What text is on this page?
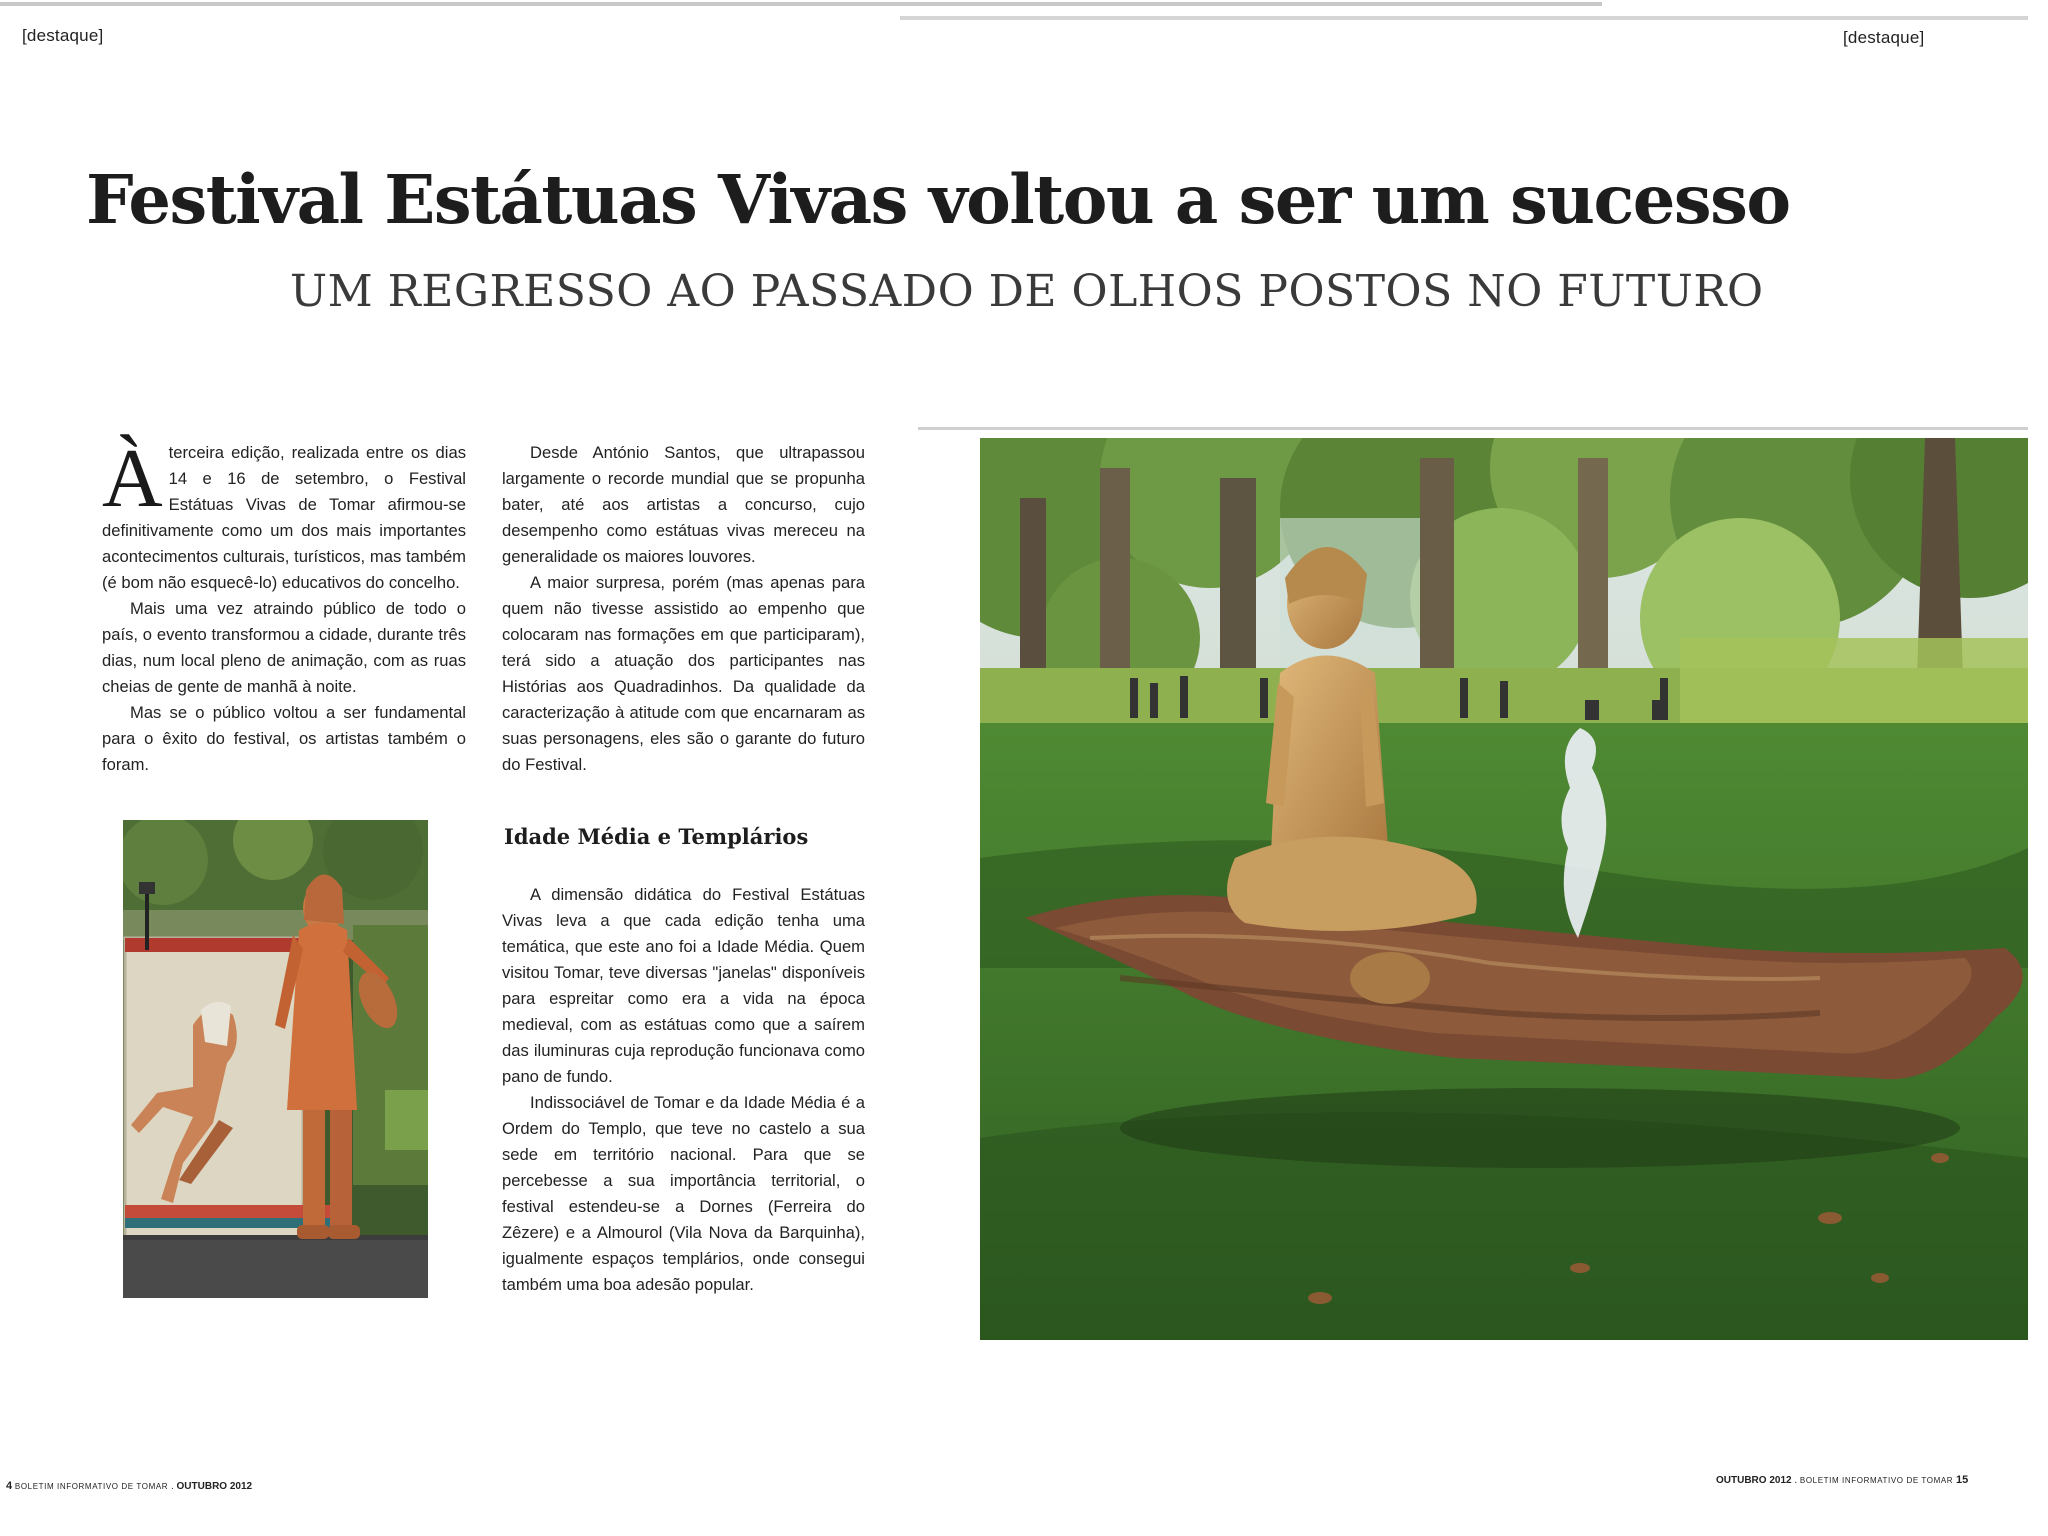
[destaque]	[destaque]
Festival Estátuas Vivas voltou a ser um sucesso
UM REGRESSO AO PASSADO DE OLHOS POSTOS NO FUTURO

Àterceira edição, realizada entre os dias 14 e 16 de setembro, o Festival Estátuas Vivas de Tomar afirmou-se definitivamente como um dos mais importantes acontecimentos culturais, turísticos, mas também (é bom não esquecê-lo) educativos do concelho.

Mais uma vez atraindo público de todo o país, o evento transformou a cidade, durante três dias, num local pleno de animação, com as ruas cheias de gente de manhã à noite.

Mas se o público voltou a ser fundamental para o êxito do festival, os artistas também o foram.

Desde António Santos, que ultrapassou largamente o recorde mundial que se propunha bater, até aos artistas a concurso, cujo desempenho como estátuas vivas mereceu na generalidade os maiores louvores.

A maior surpresa, porém (mas apenas para quem não tivesse assistido ao empenho que colocaram nas formações em que participaram), terá sido a atuação dos participantes nas Histórias aos Quadradinhos. Da qualidade da caracterização à atitude com que encarnaram as suas personagens, eles são o garante do futuro do Festival.

Idade Média e Templários

A dimensão didática do Festival Estátuas Vivas leva a que cada edição tenha uma temática, que este ano foi a Idade Média. Quem visitou Tomar, teve diversas "janelas" disponíveis para espreitar como era a vida na época medieval, com as estátuas como que a saírem das iluminuras cuja reprodução funcionava como pano de fundo.

Indissociável de Tomar e da Idade Média é a Ordem do Templo, que teve no castelo a sua sede em território nacional. Para que se percebesse a sua importância territorial, o festival estendeu-se a Dornes (Ferreira do Zêzere) e a Almourol (Vila Nova da Barquinha), igualmente espaços templários, onde consegui também uma boa adesão popular.

4 BOLETIM INFORMATIVO DE TOMAR . OUTUBRO 2012
OUTUBRO 2012 . BOLETIM INFORMATIVO DE TOMAR 15
